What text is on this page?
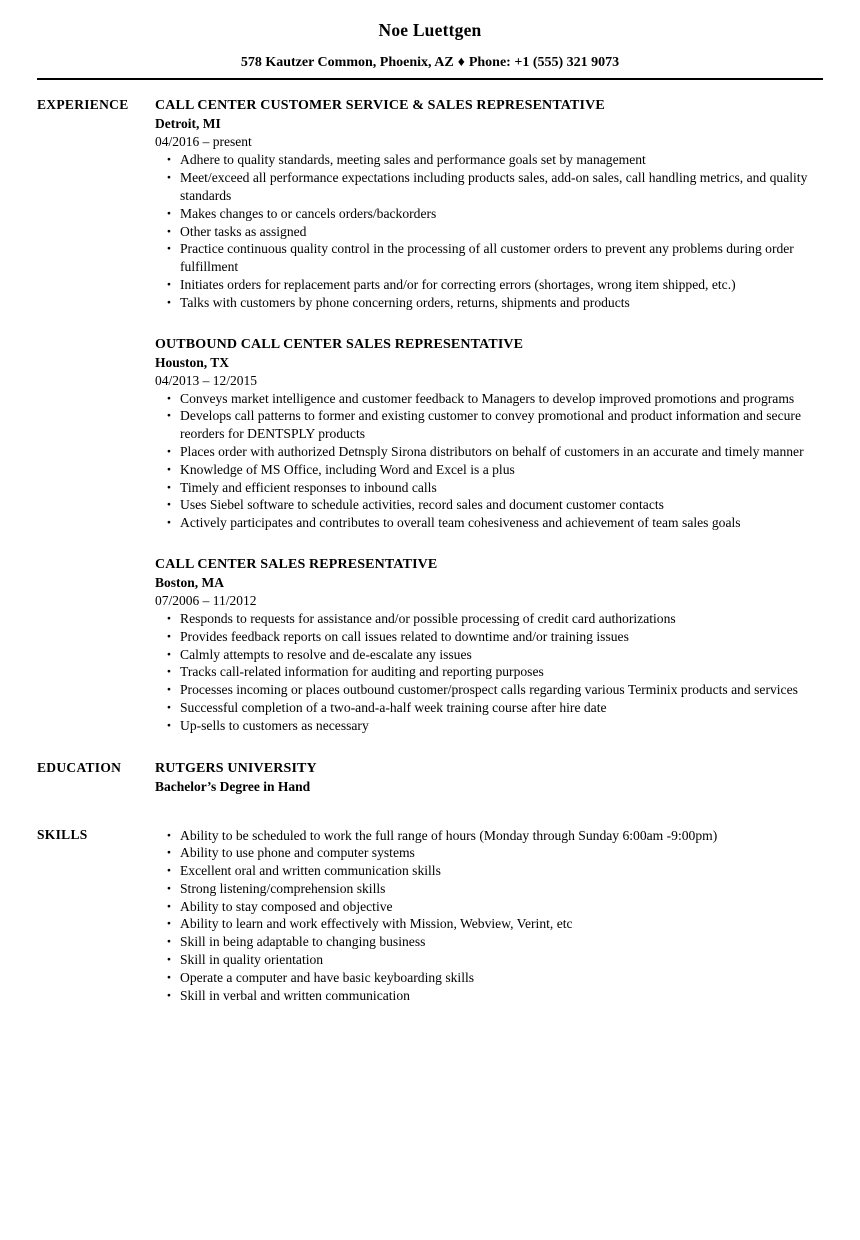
Noe Luettgen
578 Kautzer Common, Phoenix, AZ ♦ Phone: +1 (555) 321 9073
EXPERIENCE	CALL CENTER CUSTOMER SERVICE & SALES REPRESENTATIVE
Detroit, MI
04/2016 – present
● Adhere to quality standards, meeting sales and performance goals set by management
● Meet/exceed all performance expectations including products sales, add-on sales, call handling metrics, and quality standards
● Makes changes to or cancels orders/backorders
● Other tasks as assigned
● Practice continuous quality control in the processing of all customer orders to prevent any problems during order fulfillment
● Initiates orders for replacement parts and/or for correcting errors (shortages, wrong item shipped, etc.)
● Talks with customers by phone concerning orders, returns, shipments and products
OUTBOUND CALL CENTER SALES REPRESENTATIVE
Houston, TX
04/2013 – 12/2015
● Conveys market intelligence and customer feedback to Managers to develop improved promotions and programs
● Develops call patterns to former and existing customer to convey promotional and product information and secure reorders for DENTSPLY products
● Places order with authorized Detnsply Sirona distributors on behalf of customers in an accurate and timely manner
● Knowledge of MS Office, including Word and Excel is a plus
● Timely and efficient responses to inbound calls
● Uses Siebel software to schedule activities, record sales and document customer contacts
● Actively participates and contributes to overall team cohesiveness and achievement of team sales goals
CALL CENTER SALES REPRESENTATIVE
Boston, MA
07/2006 – 11/2012
● Responds to requests for assistance and/or possible processing of credit card authorizations
● Provides feedback reports on call issues related to downtime and/or training issues
● Calmly attempts to resolve and de-escalate any issues
● Tracks call-related information for auditing and reporting purposes
● Processes incoming or places outbound customer/prospect calls regarding various Terminix products and services
● Successful completion of a two-and-a-half week training course after hire date
● Up-sells to customers as necessary
EDUCATION	RUTGERS UNIVERSITY
Bachelor’s Degree in Hand
SKILLS	● Ability to be scheduled to work the full range of hours (Monday through Sunday 6:00am -9:00pm)
● Ability to use phone and computer systems
● Excellent oral and written communication skills
● Strong listening/comprehension skills
● Ability to stay composed and objective
● Ability to learn and work effectively with Mission, Webview, Verint, etc
● Skill in being adaptable to changing business
● Skill in quality orientation
● Operate a computer and have basic keyboarding skills
● Skill in verbal and written communication
